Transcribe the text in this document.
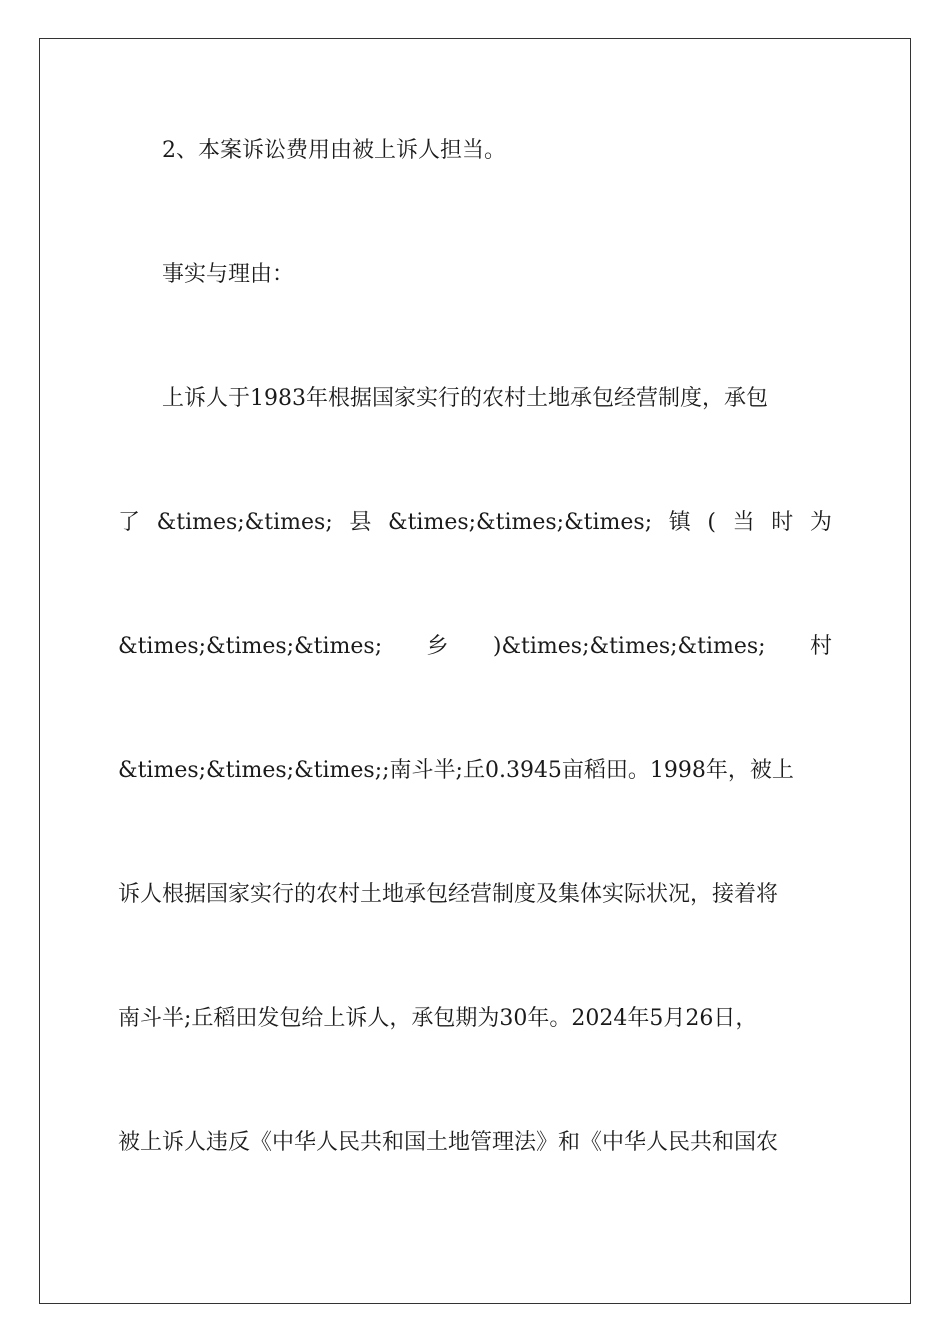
2、本案诉讼费用由被上诉人担当。
事实与理由：
上诉人于1983年根据国家实行的农村土地承包经营制度，承包
了 &times;&times; 县 &times;&times;&times; 镇 ( 当 时 为
&times;&times;&times; 乡 )&times;&times;&times; 村
&times;&times;&times;;南斗半;丘0.3945亩稻田。1998年，被上
诉人根据国家实行的农村土地承包经营制度及集体实际状况，接着将
南斗半;丘稻田发包给上诉人，承包期为30年。2024年5月26日，
被上诉人违反《中华人民共和国土地管理法》和《中华人民共和国农
